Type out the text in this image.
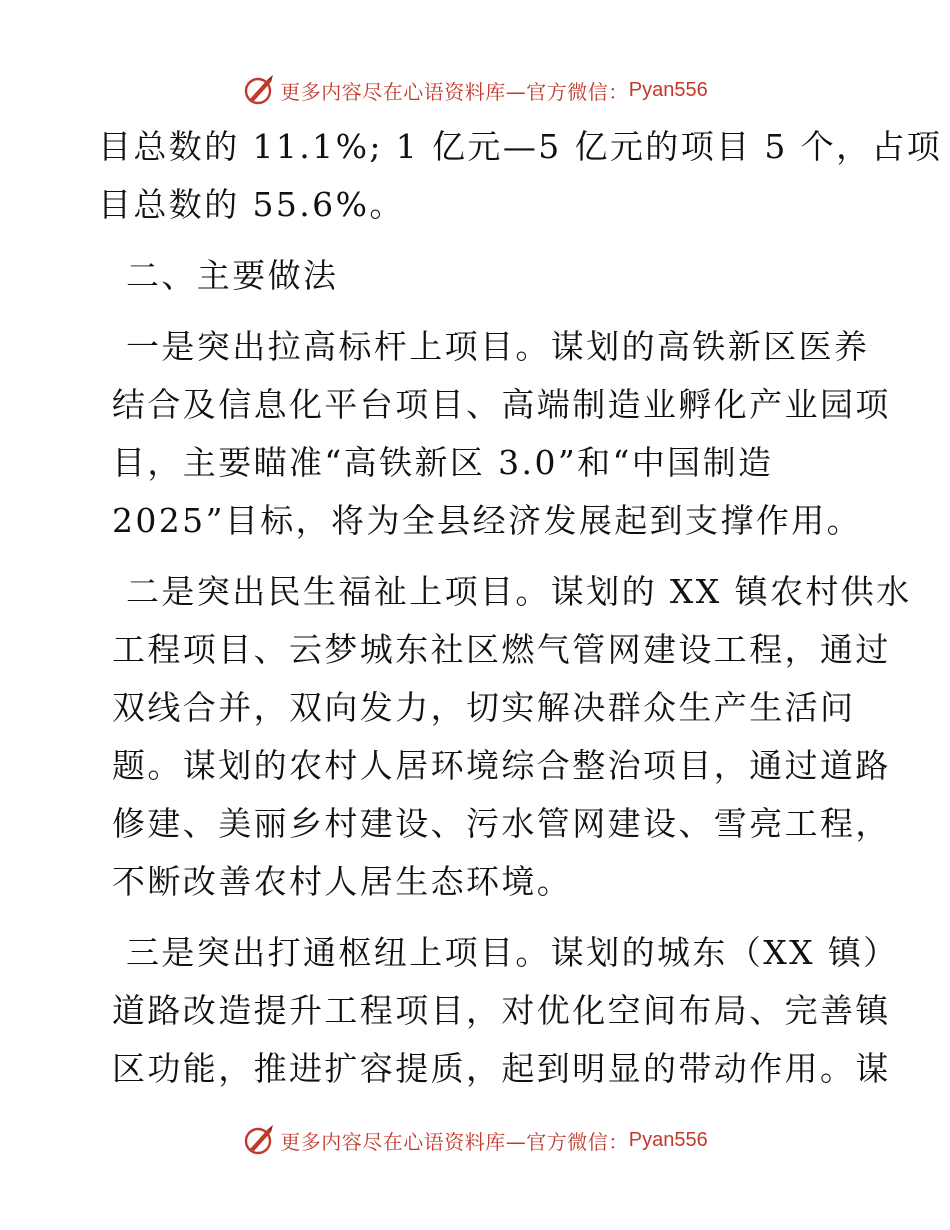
更多内容尽在心语资料库—官方微信： Pyan556
目总数的 11.1%; 1 亿元—5 亿元的项目 5 个，占项
目总数的 55.6%。
二、主要做法
一是突出拉高标杆上项目。谋划的高铁新区医养
结合及信息化平台项目、高端制造业孵化产业园项
目，主要瞄准“高铁新区 3.0”和“中国制造
2025”目标，将为全县经济发展起到支撑作用。
二是突出民生福祉上项目。谋划的 XX 镇农村供水
工程项目、云梦城东社区燃气管网建设工程，通过
双线合并，双向发力，切实解决群众生产生活问
题。谋划的农村人居环境综合整治项目，通过道路
修建、美丽乡村建设、污水管网建设、雪亮工程，
不断改善农村人居生态环境。
三是突出打通枢纽上项目。谋划的城东（XX 镇）
道路改造提升工程项目，对优化空间布局、完善镇
区功能，推进扩容提质，起到明显的带动作用。谋
更多内容尽在心语资料库—官方微信： Pyan556
